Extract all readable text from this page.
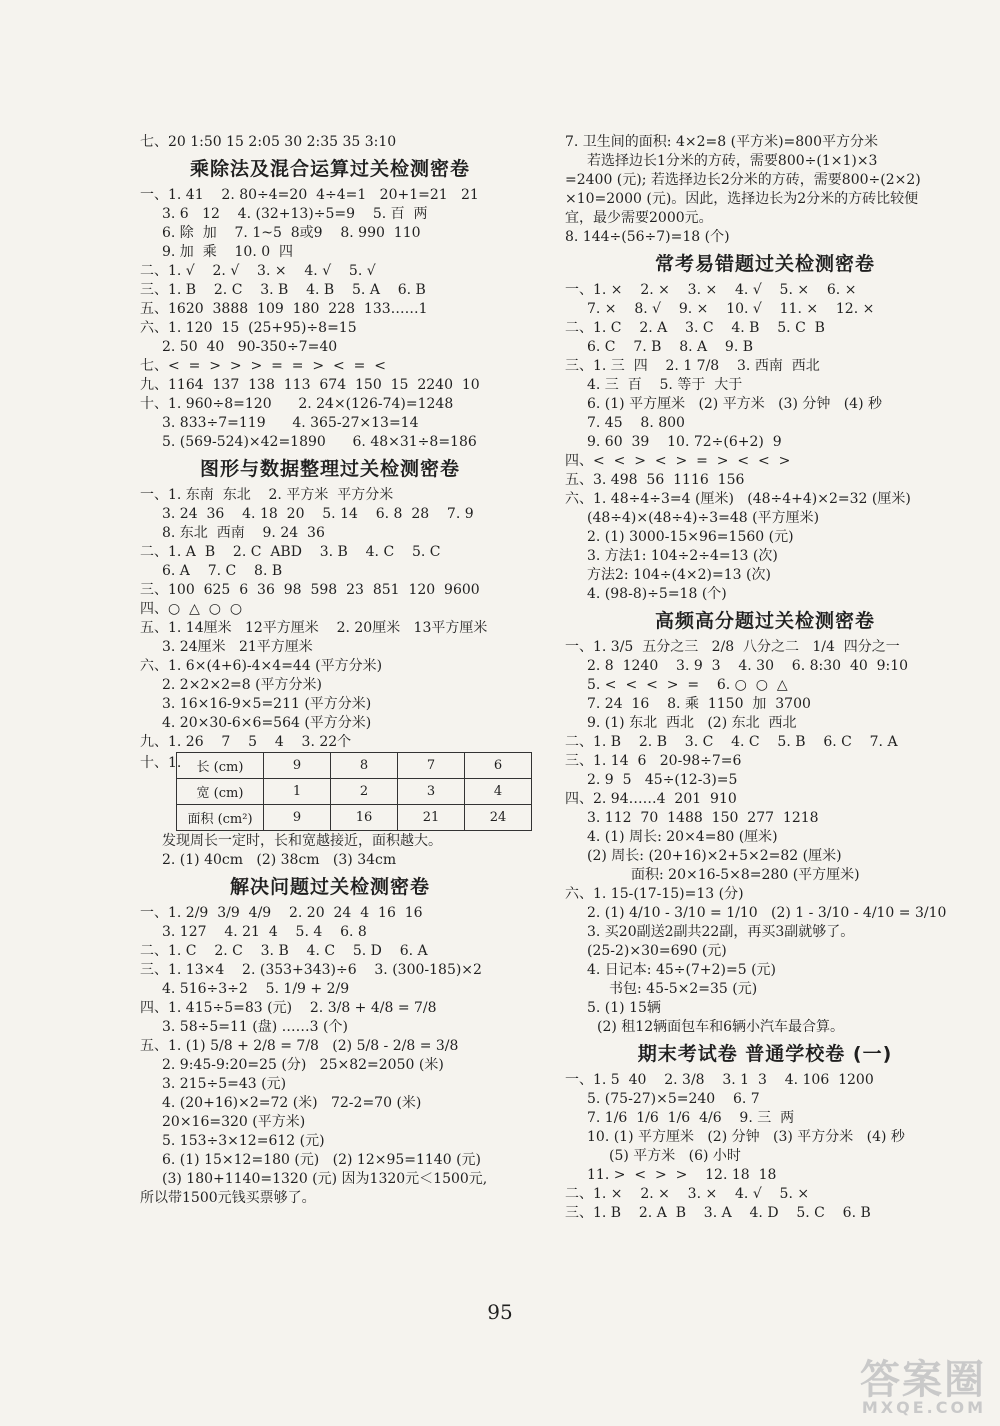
七、20 1:50 15 2:05 30 2:35 35 3:10
乘除法及混合运算过关检测密卷
一、1. 41    2. 80÷4=20  4÷4=1   20+1=21   21
3. 6   12    4. (32+13)÷5=9    5. 百  两
6. 除  加    7. 1~5  8或9    8. 990  110
9. 加  乘    10. 0  四
二、1. √    2. √    3. ×    4. √    5. √
三、1. B    2. C    3. B    4. B    5. A    6. B
五、1620  3888  109  180  228  133……1
六、1. 120  15  (25+95)÷8=15
2. 50  40   90-350÷7=40
七、<  =  >  >  >  =  =  >  <  =  <
九、1164  137  138  113  674  150  15  2240  10
十、1. 960÷8=120      2. 24×(126-74)=1248
3. 833÷7=119      4. 365-27×13=14
5. (569-524)×42=1890      6. 48×31÷8=186
图形与数据整理过关检测密卷
一、1. 东南  东北    2. 平方米  平方分米
3. 24  36    4. 18  20    5. 14    6. 8  28    7. 9
8. 东北  西南    9. 24  36
二、1. A  B    2. C  ABD    3. B    4. C    5. C
6. A    7. C    8. B
三、100  625  6  36  98  598  23  851  120  9600
四、○  △  ○  ○
五、1. 14厘米   12平方厘米    2. 20厘米   13平方厘米
3. 24厘米   21平方厘米
六、1. 6×(4+6)-4×4=44 (平方分米)
2. 2×2×2=8 (平方分米)
3. 16×16-9×5=211 (平方分米)
4. 20×30-6×6=564 (平方分米)
九、1. 26    7    5    4    3. 22个
十、1. 长 (cm)	9	8	7	6
宽 (cm)	1	2	3	4
面积 (cm²)	9	16	21	24
发现周长一定时，长和宽越接近，面积越大。
2. (1) 40cm   (2) 38cm   (3) 34cm
解决问题过关检测密卷
一、1. 2/9  3/9  4/9    2. 20  24  4  16  16
3. 127    4. 21  4    5. 4    6. 8
二、1. C    2. C    3. B    4. C    5. D    6. A
三、1. 13×4    2. (353+343)÷6    3. (300-185)×2
4. 516÷3÷2    5. 1/9 + 2/9
四、1. 415÷5=83 (元)    2. 3/8 + 4/8 = 7/8
3. 58÷5=11 (盘) ……3 (个)
五、1. (1) 5/8 + 2/8 = 7/8   (2) 5/8 - 2/8 = 3/8
2. 9:45-9:20=25 (分)   25×82=2050 (米)
3. 215÷5=43 (元)
4. (20+16)×2=72 (米)   72-2=70 (米)
20×16=320 (平方米)
5. 153÷3×12=612 (元)
6. (1) 15×12=180 (元)   (2) 12×95=1140 (元)
(3) 180+1140=1320 (元) 因为1320元＜1500元,
所以带1500元钱买票够了。
7. 卫生间的面积: 4×2=8 (平方米)=800平方分米
若选择边长1分米的方砖，需要800÷(1×1)×3
=2400 (元); 若选择边长2分米的方砖，需要800÷(2×2)
×10=2000 (元)。因此，选择边长为2分米的方砖比较便
宜，最少需要2000元。
8. 144÷(56÷7)=18 (个)
常考易错题过关检测密卷
一、1. ×    2. ×    3. ×    4. √    5. ×    6. ×
7. ×    8. √    9. ×    10. √    11. ×    12. ×
二、1. C    2. A    3. C    4. B    5. C  B
6. C    7. B    8. A    9. B
三、1. 三  四    2. 1 7/8    3. 西南  西北
4. 三  百    5. 等于  大于
6. (1) 平方厘米   (2) 平方米   (3) 分钟   (4) 秒
7. 45    8. 800
9. 60  39    10. 72÷(6+2)  9
四、<  <  >  <  >  =  >  <  <  >
五、3. 498  56  1116  156
六、1. 48÷4÷3=4 (厘米)   (48÷4+4)×2=32 (厘米)
(48÷4)×(48÷4)÷3=48 (平方厘米)
2. (1) 3000-15×96=1560 (元)
3. 方法1: 104÷2÷4=13 (次)
方法2: 104÷(4×2)=13 (次)
4. (98-8)÷5=18 (个)
高频高分题过关检测密卷
一、1. 3/5  五分之三   2/8  八分之二   1/4  四分之一
2. 8  1240    3. 9  3    4. 30    6. 8:30  40  9:10
5. <  <  <  >  =    6. ○  ○  △
7. 24  16    8. 乘  1150  加  3700
9. (1) 东北  西北   (2) 东北  西北
二、1. B    2. B    3. C    4. C    5. B    6. C    7. A
三、1. 14  6   20-98÷7=6
2. 9  5   45÷(12-3)=5
四、2. 94……4  201  910
3. 112  70  1488  150  277  1218
4. (1) 周长: 20×4=80 (厘米)
(2) 周长: (20+16)×2+5×2=82 (厘米)
面积: 20×16-5×8=280 (平方厘米)
六、1. 15-(17-15)=13 (分)
2. (1) 4/10 - 3/10 = 1/10   (2) 1 - 3/10 - 4/10 = 3/10
3. 买20副送2副共22副，再买3副就够了。
(25-2)×30=690 (元)
4. 日记本: 45÷(7+2)=5 (元)
书包: 45-5×2=35 (元)
5. (1) 15辆
(2) 租12辆面包车和6辆小汽车最合算。
期末考试卷 普通学校卷 (一)
一、1. 5  40    2. 3/8    3. 1  3    4. 106  1200
5. (75-27)×5=240    6. 7
7. 1/6  1/6  1/6  4/6    9. 三  两
10. (1) 平方厘米   (2) 分钟   (3) 平方分米   (4) 秒
(5) 平方米   (6) 小时
11. >  <  >  >    12. 18  18
二、1. ×    2. ×    3. ×    4. √    5. ×
三、1. B    2. A  B    3. A    4. D    5. C    6. B
95
答案圈
MXQE.COM
